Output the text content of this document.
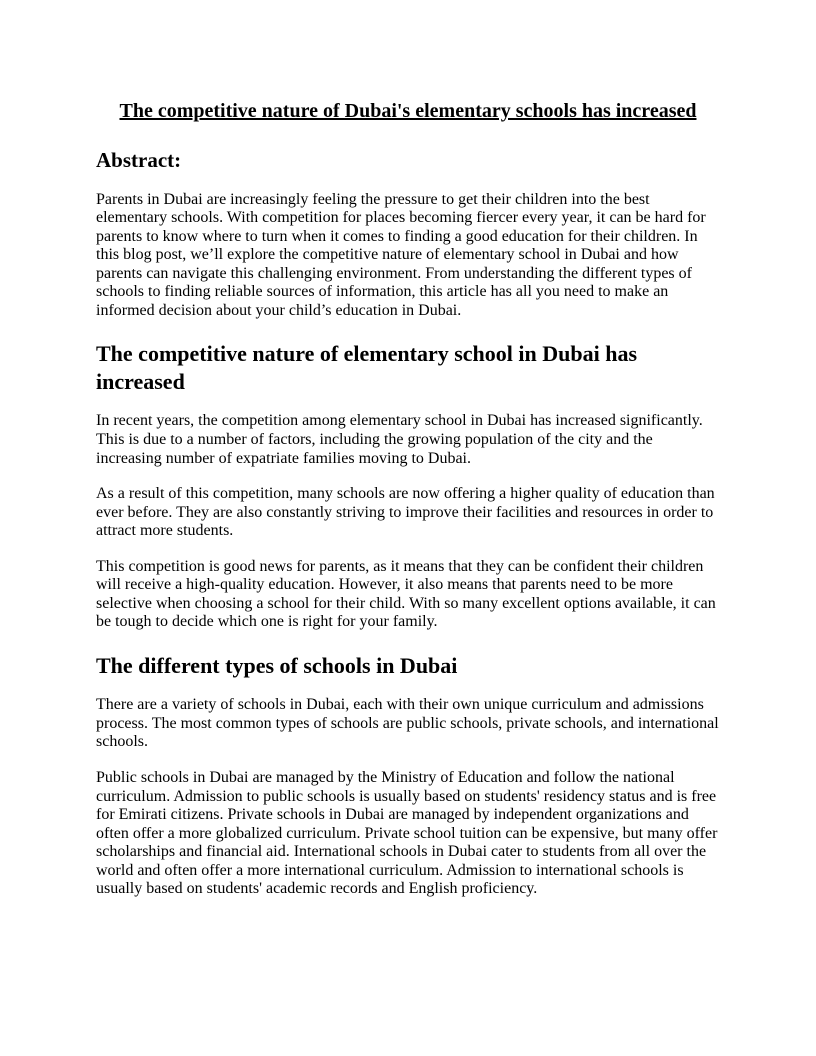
The competitive nature of Dubai's elementary schools has increased
Abstract:

Parents in Dubai are increasingly feeling the pressure to get their children into the best elementary schools. With competition for places becoming fiercer every year, it can be hard for parents to know where to turn when it comes to finding a good education for their children. In this blog post, we’ll explore the competitive nature of elementary school in Dubai and how parents can navigate this challenging environment. From understanding the different types of schools to finding reliable sources of information, this article has all you need to make an informed decision about your child’s education in Dubai.

The competitive nature of elementary school in Dubai has increased

In recent years, the competition among elementary school in Dubai has increased significantly. This is due to a number of factors, including the growing population of the city and the increasing number of expatriate families moving to Dubai.

As a result of this competition, many schools are now offering a higher quality of education than ever before. They are also constantly striving to improve their facilities and resources in order to attract more students.

This competition is good news for parents, as it means that they can be confident their children will receive a high-quality education. However, it also means that parents need to be more selective when choosing a school for their child. With so many excellent options available, it can be tough to decide which one is right for your family.

The different types of schools in Dubai

There are a variety of schools in Dubai, each with their own unique curriculum and admissions process. The most common types of schools are public schools, private schools, and international schools.

Public schools in Dubai are managed by the Ministry of Education and follow the national curriculum. Admission to public schools is usually based on students' residency status and is free for Emirati citizens. Private schools in Dubai are managed by independent organizations and often offer a more globalized curriculum. Private school tuition can be expensive, but many offer scholarships and financial aid. International schools in Dubai cater to students from all over the world and often offer a more international curriculum. Admission to international schools is usually based on students' academic records and English proficiency.
